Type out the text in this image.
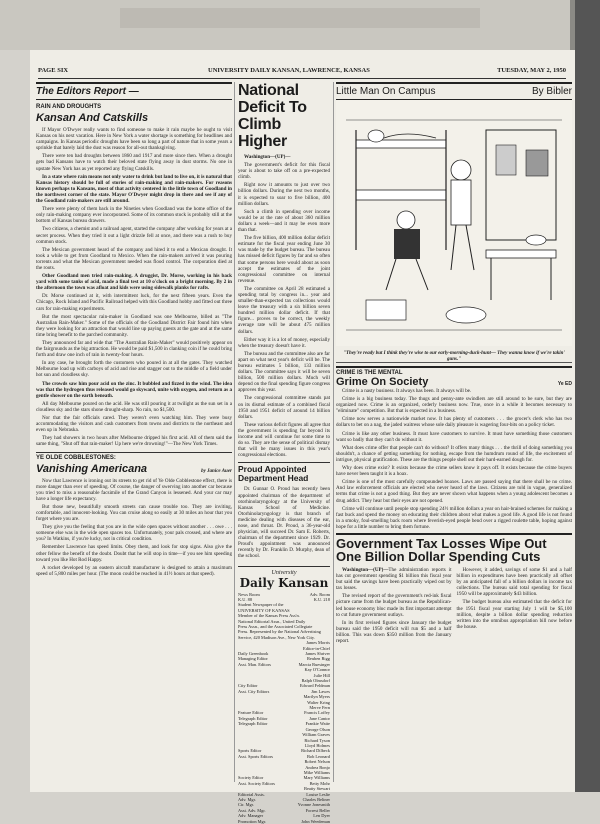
PAGE SIX	UNIVERSITY DAILY KANSAN, LAWRENCE, KANSAS	TUESDAY, MAY 2, 1950
The Editors Report —
RAIN AND DROUGHTS
Kansan And Catskills

If Mayor O'Dwyer really wants to find someone to make it rain maybe he ought to visit Kansas on his next vacation. Here in New York a water shortage is something for headlines and campaigns. In Kansas periodic droughts have been so long a part of nature that in some years a sprinkle that barely laid the dust was reason for all-out thanksgiving.

There were ten bad droughts between 1860 and 1917 and more since then. When a drought gets bad Kansans have to watch their beloved state flying away in dust storms. No one in upstate New York has as yet reported any flying Catskills.

In a state where rain means not only water to drink but land to live on, it is natural that Kansas history should be full of stories of rain-making and rain-makers. For reasons known perhaps to Kansans, most of that activity centered in the little town of Goodland in the northwest corner of the state. Mayor O'Dwyer might drop in there and see if any of the Goodland rain-makers are still around.

There were plenty of them back in the Nineties when Goodland was the home office of the only rain-making company ever incorporated. Some of its common stock is probably still at the bottom of Kansas bureau drawers.

Two citizens, a chemist and a railroad agent, started the company after working for years at a secret process. When they tried it out a light drizzle fell at once, and there was a rush to buy common stock.

The Mexican government heard of the company and hired it to end a Mexican drought. It took a while to get from Goodland to Mexico. When the rain-makers arrived it was pouring torrents and what the Mexican government needed was flood control. The corporation died at the roots.

Other Goodland men tried rain-making. A druggist, Dr. Morse, working in his back yard with some tanks of acid, made a final test at 10 o'clock on a bright morning. By 2 in the afternoon the town was afloat and kids were using sidewalk planks for rafts.

Dr. Morse continued at it, with intermittent luck, for the next fifteen years. Even the Chicago, Rock Island and Pacific Railroad helped with this Goodland hobby and fitted out three cars for rain-making experiments.

But the most spectacular rain-maker in Goodland was one Melbourne, billed as "The Australian Rain-Maker." Some of the officials of the Goodland District Fair found him when they were looking for an attraction that would line up paying guests at the gate and at the same time bring benefit to the parched community.

They announced far and wide that "The Australian Rain-Maker" would positively appear on the fairgrounds as the big attraction. He would be paid $1,500 in clanking coin if he could bring forth and draw one inch of rain in twenty-four hours.

In any case, he brought forth the customers who poured in at all the gates. They watched Melbourne load up with carboys of acid and rise and stagger out to the middle of a field under hot sun and cloudless sky.

The crowds saw him pour acid on the zinc. It bubbled and fizzed in the wind. The idea was that the hydrogen thus released would go skyward, unite with oxygen, and return as a gentle shower on the earth beneath.

All day Melbourne poured on the acid. He was still pouring it at twilight as the sun set in a cloudless sky and the stars shone drought-sharp. No rain, no $1,500.

Nor that the fair officials cared. They weren't even watching him. They were busy accommodating the visitors and cash customers from towns and districts to the northeast and even up in Nebraska.

They had showers in two hours after Melbourne dripped his first acid. All of them said the same thing, "Shut off that rain-maker! Up here we're drowning!"—The New York Times.

YE OLDE COBBLESTONES:
Vanishing Americana	by Janice Auer

Now that Lawrence is ironing out its streets to get rid of Ye Olde Cobblestone effect, there is more danger than ever of speeding. Of course, the danger of swerving into another car because you tried to miss a reasonable facsimile of the Grand Canyon is lessened. And your car may have a longer life expectancy.

But those new, beautifully smooth streets can cause trouble too. They are inviting, comfortable, and innocent-looking. You can cruise along so easily at 30 miles an hour that you forget where you are.

They give you the feeling that you are in the wide open spaces without another . . . owe . . . someone else was in the wide open spaces too. Unfortunately, your pals crossed, and where are you? In Watkins, if you're lucky, not in critical condition.

Remember Lawrence has speed limits. Obey them, and look for stop signs. Also give the other fellow the benefit of the doubt. Doubt that he will stop in time—if you see him speeding toward you like Hot Rod Happy.

A rocket developed by an eastern aircraft manufacturer is designed to attain a maximum speed of 5,800 miles per hour. (The moon could be reached in 41½ hours at that speed).

National Deficit To Climb Higher

Washington—(UP)—

The government's deficit for this fiscal year is about to take off on a pre-expected climb.

Right now it amounts to just over two billion dollars. During the next two months, it is expected to soar to five billion, 400 million dollars.

Such a climb in spending over income would be at the rate of about 360 million dollars a week—and it may be even more than that.

The five billion, 400 million dollar deficit estimate for the fiscal year ending June 30 was made by the budget bureau. The bureau has missed deficit figures by far and so often that some persons here would about as soon accept the estimates of the joint congressional committee on internal revenue.

The committee on April 28 estimated a spending total by congress in... year and smaller-than-expected tax collections would leave the treasury with a six billion seven hundred million dollar deficit. If that figure... proves to be correct, the weekly average rate will be about 475 million dollars.

Either way it is a lot of money, especially when the treasury doesn't have it.

The bureau and the committee also are far apart on what next year's deficit will be. The bureau estimates 5 billion, 133 million dollars. The committee says it will be seven billion, 500 million dollars. Much will depend on the final spending figure congress approves this year.

The congressional committee stands pat on its dismal estimate of a combined fiscal 1950 and 1951 deficit of around 14 billion dollars.

These various deficit figures all agree that the government is spending far beyond its income and will continue for some time to do so. They are the sense of political dismay that will be many issues in this year's congressional elections.

Proud Appointed Department Head

Dr. Gunnar O. Proud has recently been appointed chairman of the department of otorhinolaryngology at the University of Kansas School of Medicine. Otorhinolaryngology is that branch of medicine dealing with diseases of the ear, nose, and throat. Dr. Proud, a 36-year-old physician, will succeed Dr. Sam E. Roberts, chairman of the department since 1929. Dr. Proud's appointment was announced recently by Dr. Franklin D. Murphy, dean of the school.

University
Daily Kansan
News Room	Adv. Room
K.U. 88	K.U. 218
Student Newspaper of the
UNIVERSITY OF KANSAS
Member of the Kansas Press Ass'n.
National Editorial Assn., United Daily
Press Assn., and the Associated Collegiate
Press. Represented by the National Advertising Service, 420 Madison Ave., New York City.
James Morris
Editor-in-Chief
Daily Greenbook	James Shriver
Managing Editor	Reuben Rigg
Asst. Man. Editors	Marcia Ruesinger
Kay O'Connor
Julie Hill
Ralph Olmsdorf
City Editor	Edward Feldman
Asst. City Editors	Jim Lawes
Marilyn Myers
Walter Kring
Merve Fern
Feature Editor	Francis Loffey
Telegraph Editor	Jane Cantor
Telegraph Editor	Frankie Waite
George Olson
William Graves
Richard Tyson
Lloyd Holmes
Sports Editor	Richard Dilbeck
Asst. Sports Editors	Bob Leonard
Robert Nelson
Andrea Bonjo
Mike Williams
Society Editor	Mary Williams
Asst. Society Editors	Betty Mohr
Beatty Stewart
Editorial Assts.	Louise Leslie
Adv. Mgr.	Charles Beliner
Cir. Mgr.	Yvonne Jonesmith
Asst. Adv. Mgr.	Forrest Beller
Adv. Manager	Len Dyer
Promotion Mgr.	John Weedeman
Little Man On Campus	By Bibler
"They're ready but I think they're wise to our early-morning-duck-hunt— They wanna know if we're takin' guns."
CRIME IS THE MENTAL
Grime On Society	Ye ED

Crime is a nasty business. It always has been. It always will be.

Crime is a big business today. The thugs and penny-ante swindlers are still around to be sure, but they are organized now. Crime is an organized, orderly business now. True, once in a while it becomes necessary to "eliminate" competition. But that is expected in a business.

Crime now serves a nationwide market now. It has plenty of customers . . . the grocer's clerk who has two dollars to bet on a nag, the jaded waitress whose sole daily pleasure is wagering four-bits on a policy ticket.

Crime is like any other business. It must have customers to survive. It must have something those customers want so badly that they can't do without it.

What does crime offer that people can't do without? It offers many things . . . the thrill of doing something you shouldn't, a chance of getting something for nothing, escape from the humdrum round of life, the excitement of intrigue, physical gratification. These are the things people shell out their hard-earned dough for.

Why does crime exist? It exists because the crime sellers know it pays off. It exists because the crime buyers have never been taught it is a hoax.

Crime is one of the most carefully compounded hoaxes. Laws are passed saying that there shall be no crime. And law enforcement officials are elected who never heard of the laws. Citizens are told in vague, generalized terms that crime is not a good thing. But they are never shown what happens when a young adolescent becomes a drug addict. They hear but their eyes are not opened.

Crime will continue until people stop spending 24½ million dollars a year on hair-brained schemes for making a fast buck and spend the money on educating their children about what makes a good life. A good life is not found in a smoky, foul-smelling back room where feverish-eyed people bend over a rigged roulette table, hoping against hope for a little number to bring them fortune.

Government Tax Losses Wipe Out One Billion Dollar Spending Cuts

Washington—(UP)—The administration reports it has cut government spending $1 billion this fiscal year but said the savings have been practically wiped out by tax losses.

The revised report of the government's red-ink fiscal picture came from the budget bureau as the Republican-led house economy bloc made its first important attempt to cut future government outlays.

In its first revised figures since January the budget bureau said the 1950 deficit will run $5 and a half billion. This was down $350 million from the January report.

However, it added, savings of some $1 and a half billion in expenditures have been practically all offset by an anticipated fall of a billion dollars in income tax collections. The bureau said total spending for fiscal 1950 will be approximately $43 billion.

The budget bureau also estimated that the deficit for the 1951 fiscal year starting July 1 will be $5,100 million, despite a billion dollar spending reduction written into the omnibus appropriation bill now before the house.
